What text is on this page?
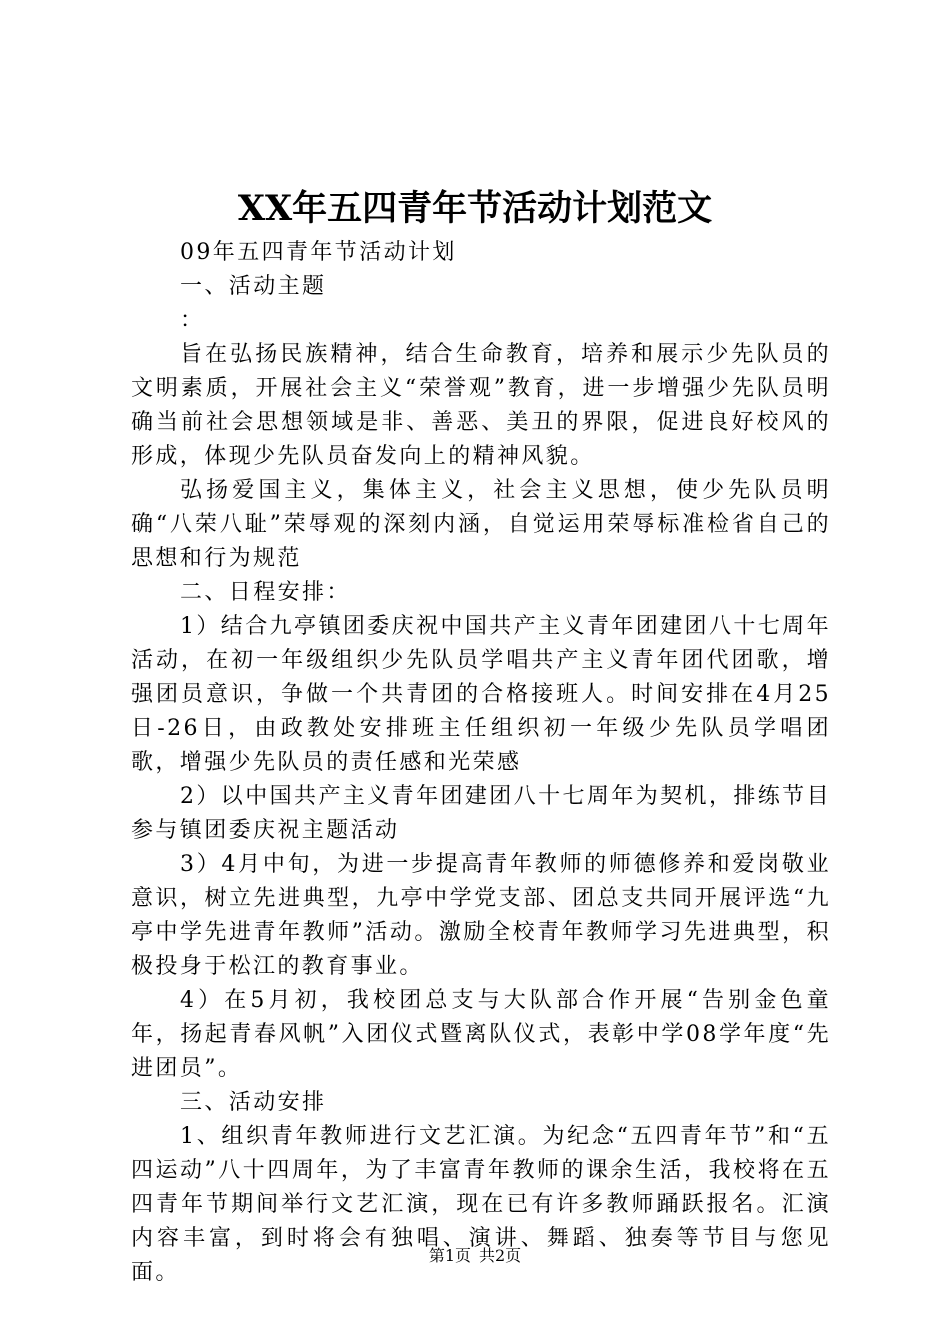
XX年五四青年节活动计划范文

09年五四青年节活动计划

一、活动主题

：

旨在弘扬民族精神，结合生命教育，培养和展示少先队员的文明素质，开展社会主义“荣誉观”教育，进一步增强少先队员明确当前社会思想领域是非、善恶、美丑的界限，促进良好校风的形成，体现少先队员奋发向上的精神风貌。

弘扬爱国主义，集体主义，社会主义思想，使少先队员明确“八荣八耻”荣辱观的深刻内涵，自觉运用荣辱标准检省自己的思想和行为规范

二、日程安排：

1）结合九亭镇团委庆祝中国共产主义青年团建团八十七周年活动，在初一年级组织少先队员学唱共产主义青年团代团歌，增强团员意识，争做一个共青团的合格接班人。时间安排在4月25日-26日，由政教处安排班主任组织初一年级少先队员学唱团歌，增强少先队员的责任感和光荣感

2）以中国共产主义青年团建团八十七周年为契机，排练节目参与镇团委庆祝主题活动

3）4月中旬，为进一步提高青年教师的师德修养和爱岗敬业意识，树立先进典型，九亭中学党支部、团总支共同开展评选“九亭中学先进青年教师”活动。激励全校青年教师学习先进典型，积极投身于松江的教育事业。

4）在5月初，我校团总支与大队部合作开展“告别金色童年，扬起青春风帆”入团仪式暨离队仪式，表彰中学08学年度“先进团员”。

三、活动安排

1、组织青年教师进行文艺汇演。为纪念“五四青年节”和“五四运动”八十四周年，为了丰富青年教师的课余生活，我校将在五四青年节期间举行文艺汇演，现在已有许多教师踊跃报名。汇演内容丰富，到时将会有独唱、演讲、舞蹈、独奏等节目与您见面。

第1页 共2页
